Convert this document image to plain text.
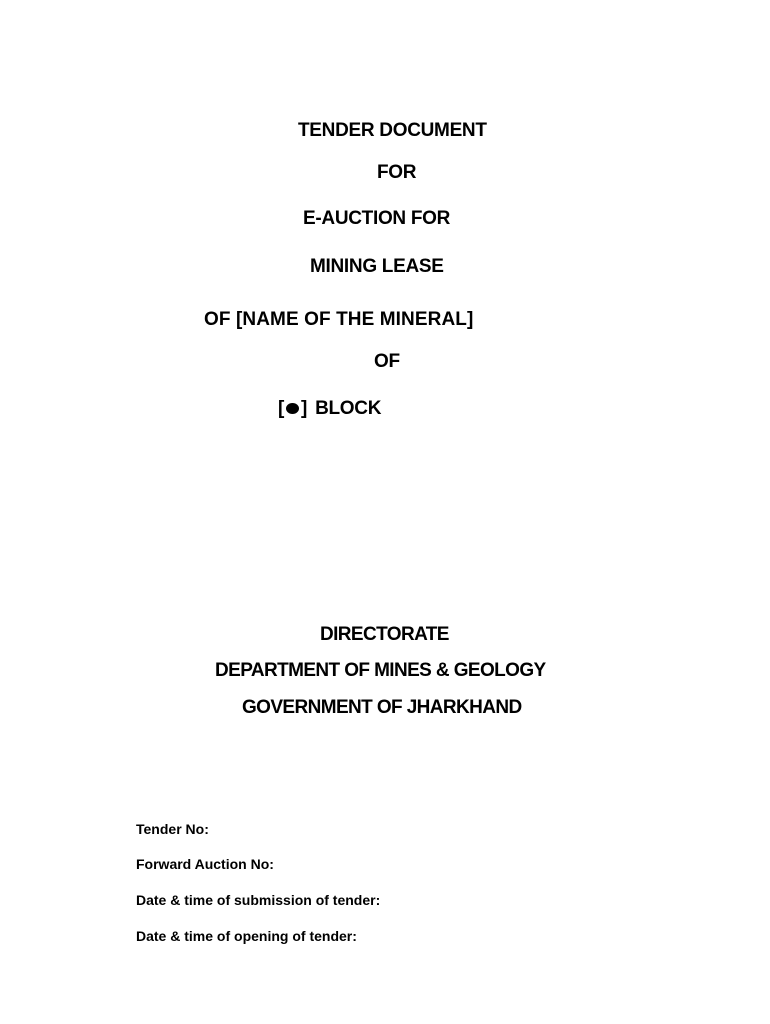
TENDER DOCUMENT
FOR
E-AUCTION FOR
MINING LEASE
OF [NAME OF THE MINERAL]
OF
[ ] BLOCK
DIRECTORATE
DEPARTMENT OF MINES & GEOLOGY
GOVERNMENT OF JHARKHAND
Tender No:
Forward Auction No:
Date & time of submission of tender:
Date & time of opening of tender:
